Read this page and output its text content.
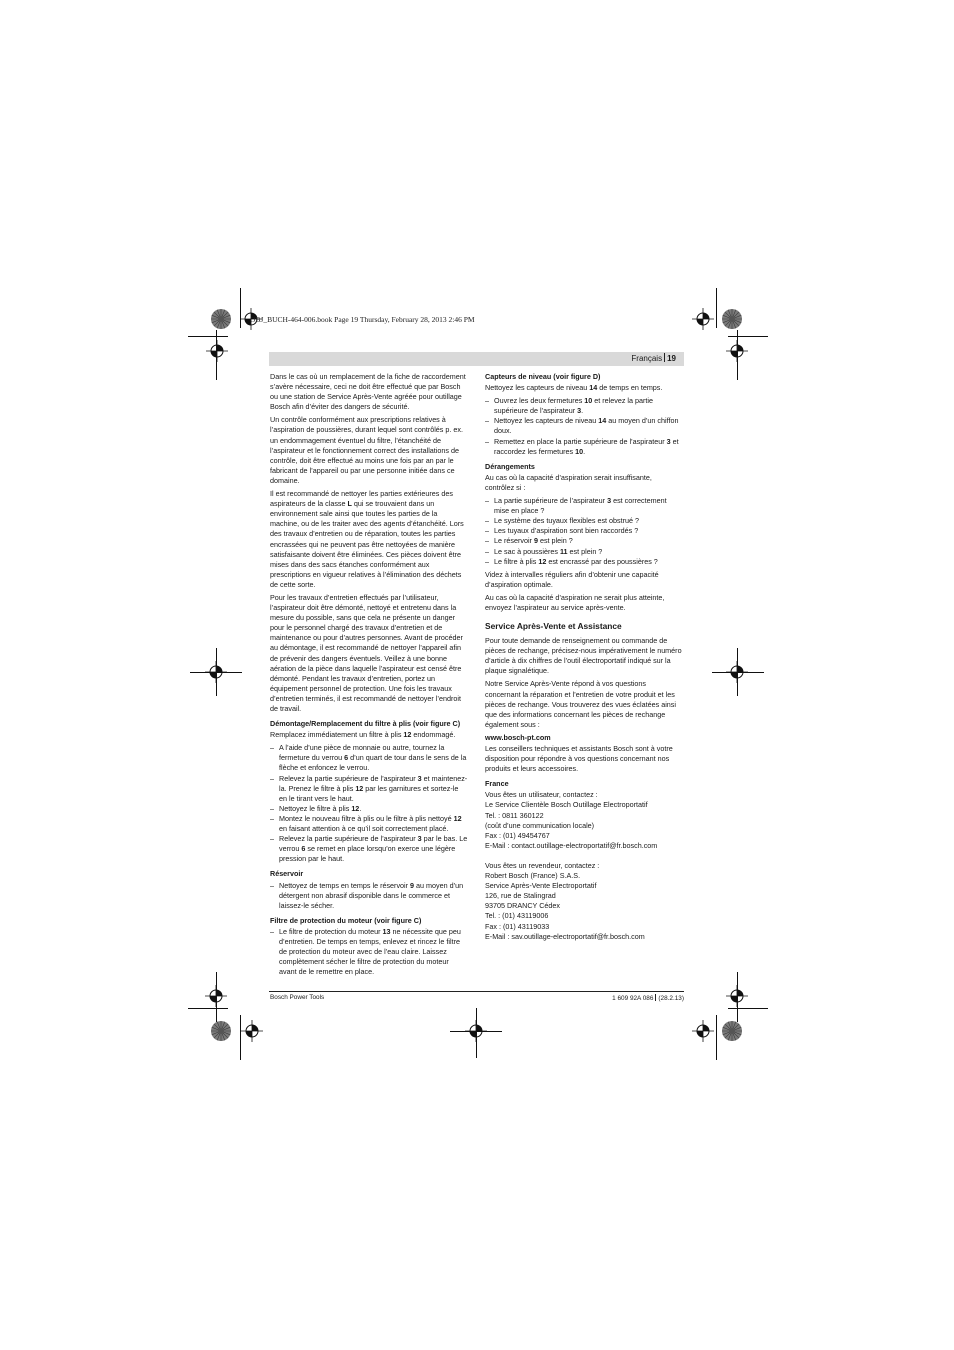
OBJ_BUCH-464-006.book Page 19 Thursday, February 28, 2013 2:46 PM
Français 19

Dans le cas où un remplacement de la fiche de raccordement s’avère nécessaire, ceci ne doit être effectué que par Bosch ou une station de Service Après-Vente agréée pour outillage Bosch afin d’éviter des dangers de sécurité.

Un contrôle conformément aux prescriptions relatives à l’aspiration de poussières, durant lequel sont contrôlés p. ex. un endommagement éventuel du filtre, l’étanchéité de l’aspirateur et le fonctionnement correct des installations de contrôle, doit être effectué au moins une fois par an par le fabricant de l’appareil ou par une personne initiée dans ce domaine.

Il est recommandé de nettoyer les parties extérieures des aspirateurs de la classe L qui se trouvaient dans un environnement sale ainsi que toutes les parties de la machine, ou de les traiter avec des agents d’étanchéité. Lors des travaux d’entretien ou de réparation, toutes les parties encrassées qui ne peuvent pas être nettoyées de manière satisfaisante doivent être éliminées. Ces pièces doivent être mises dans des sacs étanches conformément aux prescriptions en vigueur relatives à l’élimination des déchets de cette sorte.

Pour les travaux d’entretien effectués par l’utilisateur, l’aspirateur doit être démonté, nettoyé et entretenu dans la mesure du possible, sans que cela ne présente un danger pour le personnel chargé des travaux d’entretien et de maintenance ou pour d’autres personnes. Avant de procéder au démontage, il est recommandé de nettoyer l’appareil afin de prévenir des dangers éventuels. Veillez à une bonne aération de la pièce dans laquelle l’aspirateur est censé être démonté. Pendant les travaux d’entretien, portez un équipement personnel de protection. Une fois les travaux d’entretien terminés, il est recommandé de nettoyer l’endroit de travail.

Démontage/Remplacement du filtre à plis (voir figure C)

Remplacez immédiatement un filtre à plis 12 endommagé.

– A l’aide d’une pièce de monnaie ou autre, tournez la fermeture du verrou 6 d’un quart de tour dans le sens de la flèche et enfoncez le verrou.
– Relevez la partie supérieure de l’aspirateur 3 et maintenez-la. Prenez le filtre à plis 12 par les garnitures et sortez-le en le tirant vers le haut.
– Nettoyez le filtre à plis 12.
– Montez le nouveau filtre à plis ou le filtre à plis nettoyé 12 en faisant attention à ce qu’il soit correctement placé.
– Relevez la partie supérieure de l’aspirateur 3 par le bas. Le verrou 6 se remet en place lorsqu’on exerce une légère pression par le haut.

Réservoir

– Nettoyez de temps en temps le réservoir 9 au moyen d’un détergent non abrasif disponible dans le commerce et laissez-le sécher.

Filtre de protection du moteur (voir figure C)

– Le filtre de protection du moteur 13 ne nécessite que peu d’entretien. De temps en temps, enlevez et rincez le filtre de protection du moteur avec de l’eau claire. Laissez complètement sécher le filtre de protection du moteur avant de le remettre en place.

Capteurs de niveau (voir figure D)

Nettoyez les capteurs de niveau 14 de temps en temps.

– Ouvrez les deux fermetures 10 et relevez la partie supérieure de l’aspirateur 3.
– Nettoyez les capteurs de niveau 14 au moyen d’un chiffon doux.
– Remettez en place la partie supérieure de l’aspirateur 3 et raccordez les fermetures 10.

Dérangements

Au cas où la capacité d’aspiration serait insuffisante, contrôlez si :

– La partie supérieure de l’aspirateur 3 est correctement mise en place ?
– Le système des tuyaux flexibles est obstrué ?
– Les tuyaux d’aspiration sont bien raccordés ?
– Le réservoir 9 est plein ?
– Le sac à poussières 11 est plein ?
– Le filtre à plis 12 est encrassé par des poussières ?

Videz à intervalles réguliers afin d’obtenir une capacité d’aspiration optimale.

Au cas où la capacité d’aspiration ne serait plus atteinte, envoyez l’aspirateur au service après-vente.

Service Après-Vente et Assistance

Pour toute demande de renseignement ou commande de pièces de rechange, précisez-nous impérativement le numéro d’article à dix chiffres de l’outil électroportatif indiqué sur la plaque signalétique.

Notre Service Après-Vente répond à vos questions concernant la réparation et l’entretien de votre produit et les pièces de rechange. Vous trouverez des vues éclatées ainsi que des informations concernant les pièces de rechange également sous :

www.bosch-pt.com

Les conseillers techniques et assistants Bosch sont à votre disposition pour répondre à vos questions concernant nos produits et leurs accessoires.

France

Vous êtes un utilisateur, contactez :
Le Service Clientèle Bosch Outillage Electroportatif
Tel. : 0811 360122
(coût d’une communication locale)
Fax : (01) 49454767
E-Mail : contact.outillage-electroportatif@fr.bosch.com

Vous êtes un revendeur, contactez :
Robert Bosch (France) S.A.S.
Service Après-Vente Electroportatif
126, rue de Stalingrad
93705 DRANCY Cédex
Tel. : (01) 43119006
Fax : (01) 43119033
E-Mail : sav.outillage-electroportatif@fr.bosch.com

Bosch Power Tools	1 609 92A 086 (28.2.13)
